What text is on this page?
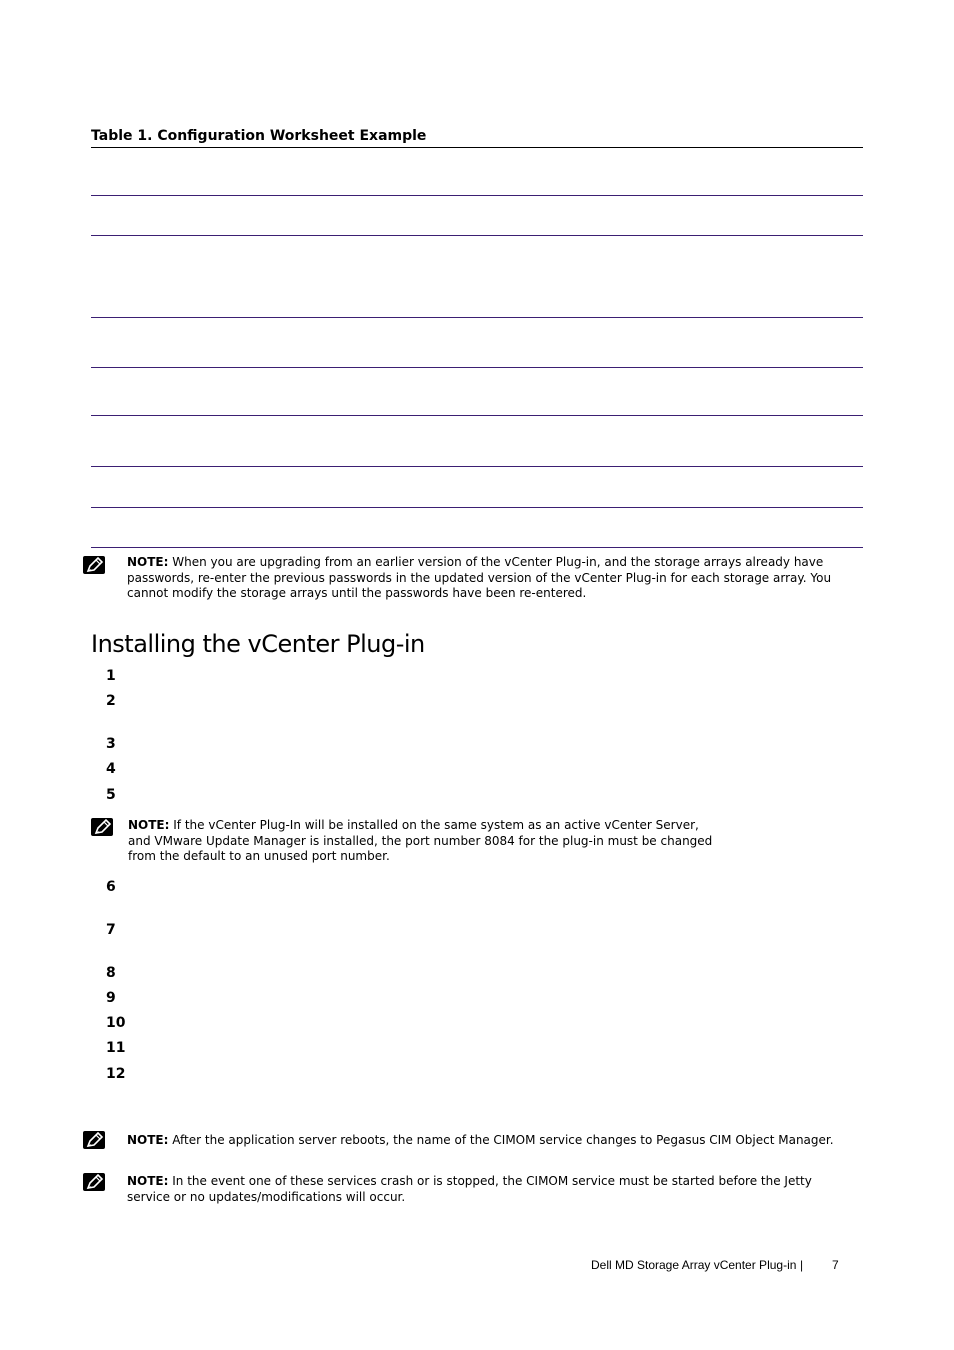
Table 1. Configuration Worksheet Example
NOTE: When you are upgrading from an earlier version of the vCenter Plug-in, and the storage arrays already have passwords, re-enter the previous passwords in the updated version of the vCenter Plug-in for each storage array. You cannot modify the storage arrays until the passwords have been re-entered.
Installing the vCenter Plug-in
1
2
3
4
5
NOTE: If the vCenter Plug-In will be installed on the same system as an active vCenter Server, and VMware Update Manager is installed, the port number 8084 for the plug-in must be changed from the default to an unused port number.
6
7
8
9
10
11
12
NOTE: After the application server reboots, the name of the CIMOM service changes to Pegasus CIM Object Manager.
NOTE: In the event one of these services crash or is stopped, the CIMOM service must be started before the Jetty service or no updates/modifications will occur.
Dell MD Storage Array vCenter Plug-in | 7
